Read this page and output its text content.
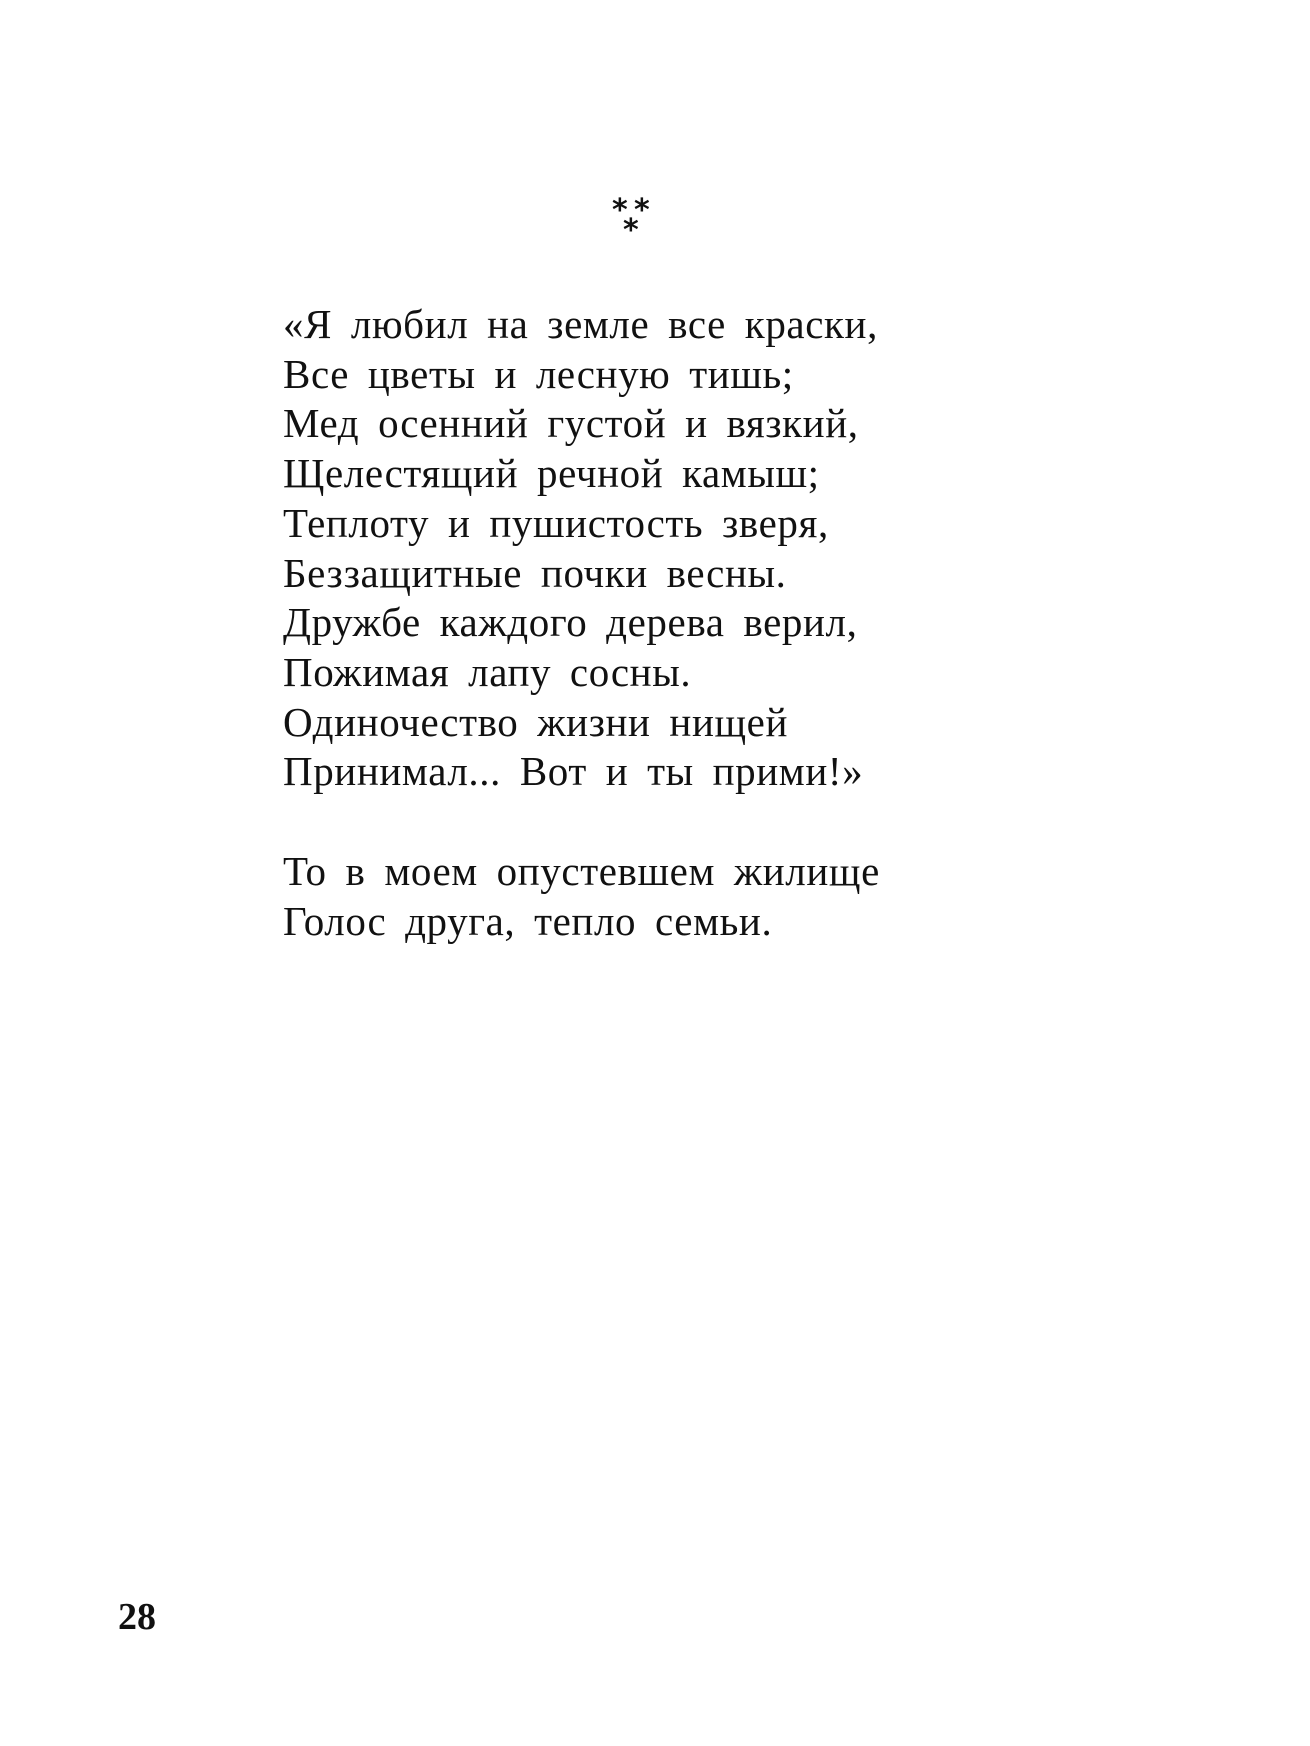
* *
*
«Я любил на земле все краски,
Все цветы и лесную тишь;
Мед осенний густой и вязкий,
Щелестящий речной камыш;
Теплоту и пушистость зверя,
Беззащитные почки весны.
Дружбе каждого дерева верил,
Пожимая лапу сосны.
Одиночество жизни нищей
Принимал... Вот и ты прими!»
То в моем опустевшем жилище
Голос друга, тепло семьи.
28
